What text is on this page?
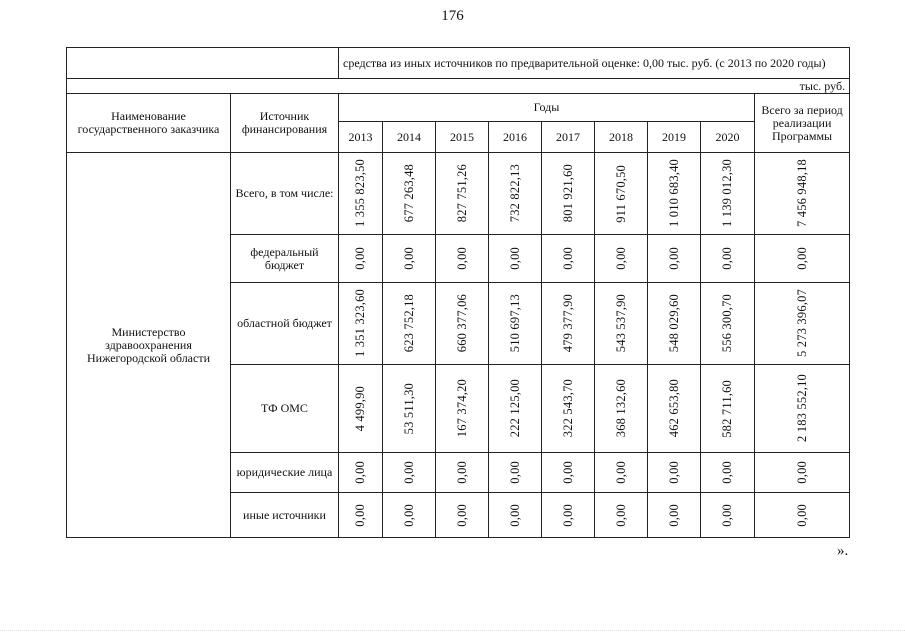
176
		средства из иных источников по предварительной оценке: 0,00 тыс. руб. (с 2013 по 2020 годы)								
тыс. руб.										
Наименование государственного заказчика	Источник финансирования	Годы								Всего за период реализации Программы
		2013	2014	2015	2016	2017	2018	2019	2020	
Министерство здравоохранения Нижегородской области	Всего, в том числе:	1 355 823,50	677 263,48	827 751,26	732 822,13	801 921,60	911 670,50	1 010 683,40	1 139 012,30	7 456 948,18

	федеральный бюджет	0,00	0,00	0,00	0,00	0,00	0,00	0,00	0,00	0,00

	областной бюджет	1 351 323,60	623 752,18	660 377,06	510 697,13	479 377,90	543 537,90	548 029,60	556 300,70	5 273 396,07

	ТФ ОМС	4 499,90	53 511,30	167 374,20	222 125,00	322 543,70	368 132,60	462 653,80	582 711,60	2 183 552,10

	юридические лица	0,00	0,00	0,00	0,00	0,00	0,00	0,00	0,00	0,00

	иные источники	0,00	0,00	0,00	0,00	0,00	0,00	0,00	0,00	0,00
».
